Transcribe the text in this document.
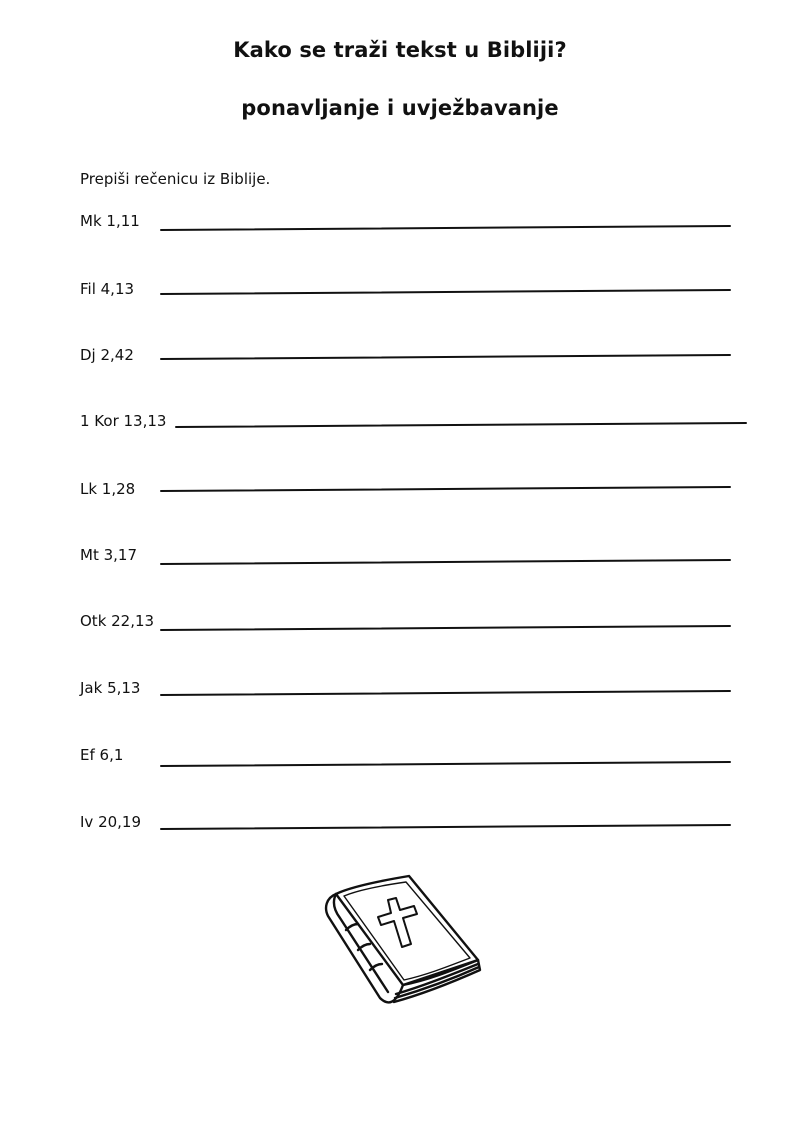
Kako se traži tekst u Bibliji?
ponavljanje i uvježbavanje

Prepiši rečenicu iz Biblije.

Mk 1,11
Fil 4,13
Dj 2,42
1 Kor 13,13
Lk 1,28
Mt 3,17
Otk 22,13
Jak 5,13
Ef 6,1
Iv 20,19
